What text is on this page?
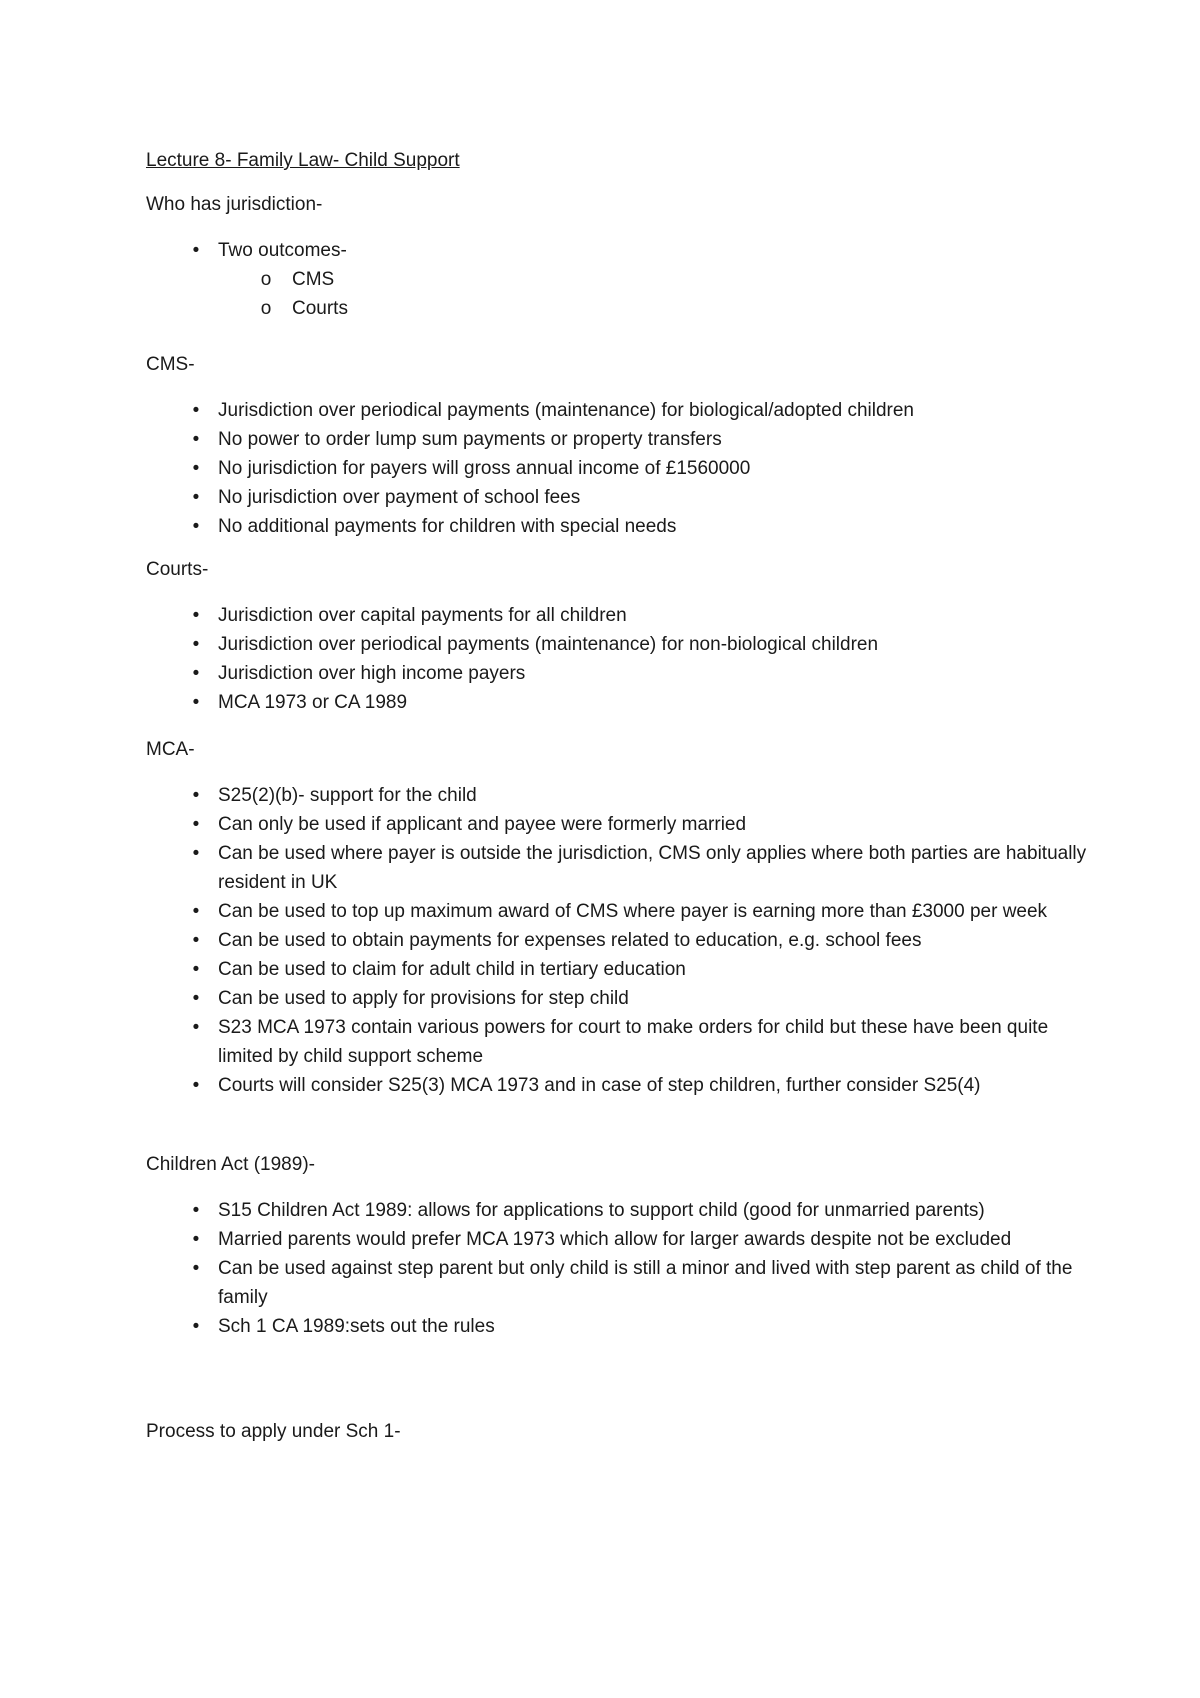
Lecture 8- Family Law- Child Support

Who has jurisdiction-

• Two outcomes-
o CMS
o Courts

CMS-

• Jurisdiction over periodical payments (maintenance) for biological/adopted children
• No power to order lump sum payments or property transfers
• No jurisdiction for payers will gross annual income of £1560000
• No jurisdiction over payment of school fees
• No additional payments for children with special needs

Courts-

• Jurisdiction over capital payments for all children
• Jurisdiction over periodical payments (maintenance) for non-biological children
• Jurisdiction over high income payers
• MCA 1973 or CA 1989

MCA-

• S25(2)(b)- support for the child
• Can only be used if applicant and payee were formerly married
• Can be used where payer is outside the jurisdiction, CMS only applies where both parties are habitually resident in UK
• Can be used to top up maximum award of CMS where payer is earning more than £3000 per week
• Can be used to obtain payments for expenses related to education, e.g. school fees
• Can be used to claim for adult child in tertiary education
• Can be used to apply for provisions for step child
• S23 MCA 1973 contain various powers for court to make orders for child but these have been quite limited by child support scheme
• Courts will consider S25(3) MCA 1973 and in case of step children, further consider S25(4)

Children Act (1989)-

• S15 Children Act 1989: allows for applications to support child (good for unmarried parents)
• Married parents would prefer MCA 1973 which allow for larger awards despite not be excluded
• Can be used against step parent but only child is still a minor and lived with step parent as child of the family
• Sch 1 CA 1989:sets out the rules

Process to apply under Sch 1-
